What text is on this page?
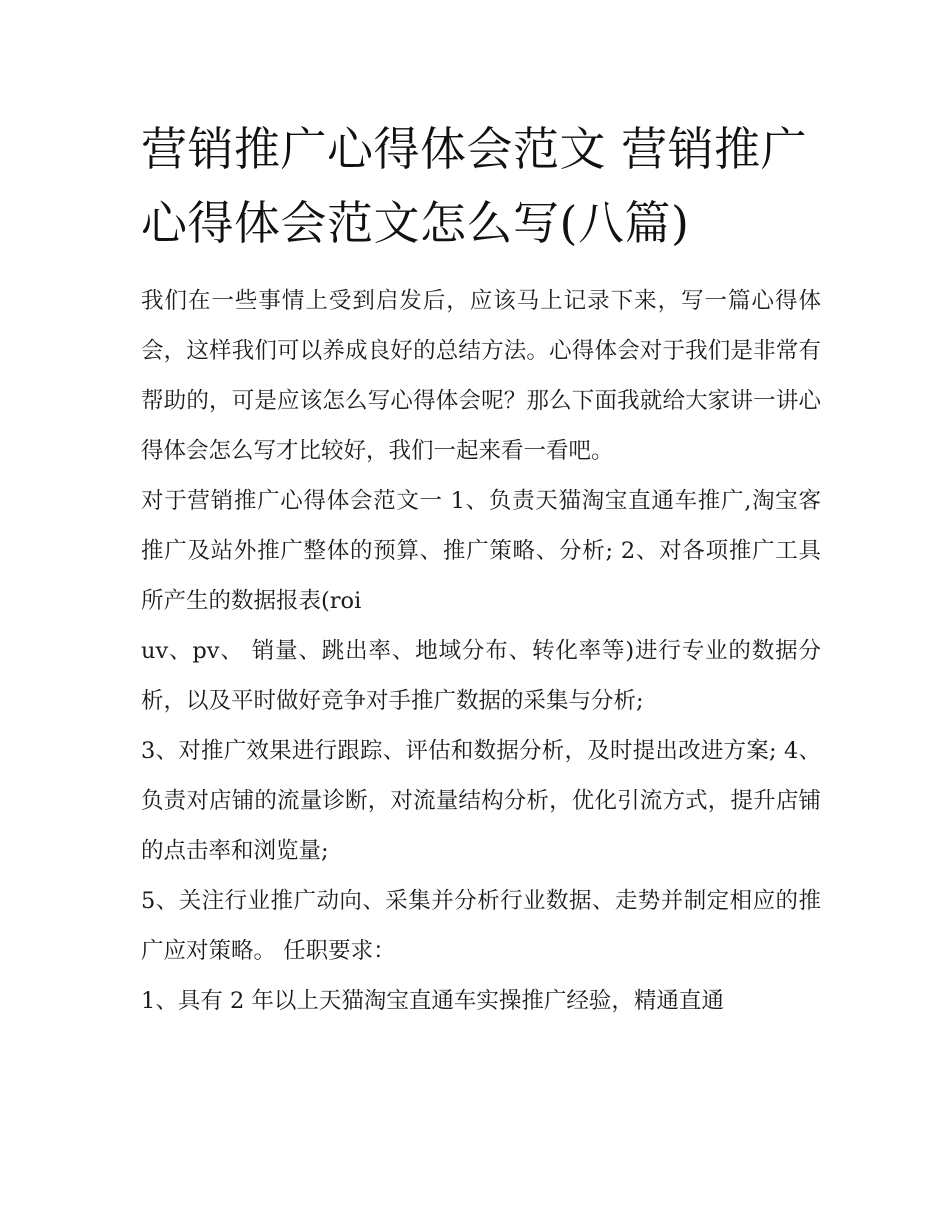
营销推广心得体会范文 营销推广心得体会范文怎么写(八篇)

我们在一些事情上受到启发后，应该马上记录下来，写一篇心得体会，这样我们可以养成良好的总结方法。心得体会对于我们是非常有帮助的，可是应该怎么写心得体会呢？那么下面我就给大家讲一讲心得体会怎么写才比较好，我们一起来看一看吧。

对于营销推广心得体会范文一 1、负责天猫淘宝直通车推广,淘宝客推广及站外推广整体的预算、推广策略、分析; 2、对各项推广工具所产生的数据报表(roi

uv、pv、 销量、跳出率、地域分布、转化率等)进行专业的数据分析，以及平时做好竞争对手推广数据的采集与分析;

3、对推广效果进行跟踪、评估和数据分析，及时提出改进方案; 4、负责对店铺的流量诊断，对流量结构分析，优化引流方式，提升店铺的点击率和浏览量;

5、关注行业推广动向、采集并分析行业数据、走势并制定相应的推广应对策略。 任职要求：

1、具有 2 年以上天猫淘宝直通车实操推广经验，精通直通
